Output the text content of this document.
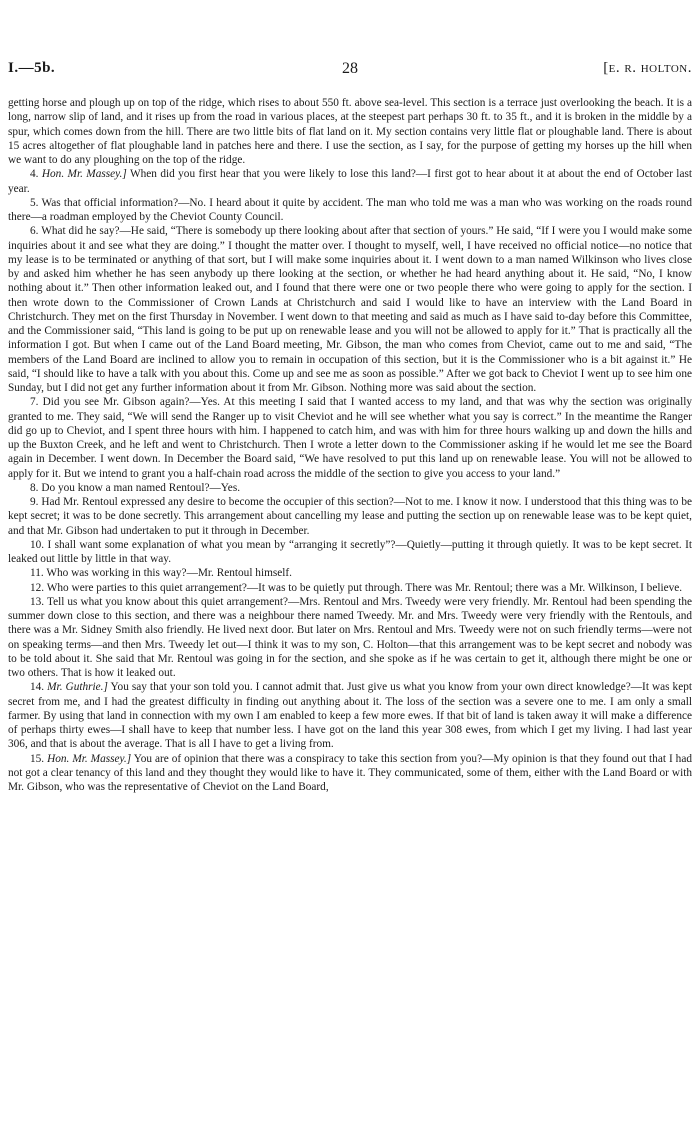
I.—5b.	28	[e. r. holton.

getting horse and plough up on top of the ridge, which rises to about 550 ft. above sea-level. This section is a terrace just overlooking the beach. It is a long, narrow slip of land, and it rises up from the road in various places, at the steepest part perhaps 30 ft. to 35 ft., and it is broken in the middle by a spur, which comes down from the hill. There are two little bits of flat land on it. My section contains very little flat or ploughable land. There is about 15 acres altogether of flat ploughable land in patches here and there. I use the section, as I say, for the purpose of getting my horses up the hill when we want to do any ploughing on the top of the ridge.

4. Hon. Mr. Massey.] When did you first hear that you were likely to lose this land?—I first got to hear about it at about the end of October last year.

5. Was that official information?—No. I heard about it quite by accident. The man who told me was a man who was working on the roads round there—a roadman employed by the Cheviot County Council.

6. What did he say?—He said, “There is somebody up there looking about after that section of yours.” He said, “If I were you I would make some inquiries about it and see what they are doing.” I thought the matter over. I thought to myself, well, I have received no official notice—no notice that my lease is to be terminated or anything of that sort, but I will make some inquiries about it. I went down to a man named Wilkinson who lives close by and asked him whether he has seen anybody up there looking at the section, or whether he had heard anything about it. He said, “No, I know nothing about it.” Then other information leaked out, and I found that there were one or two people there who were going to apply for the section. I then wrote down to the Commissioner of Crown Lands at Christchurch and said I would like to have an interview with the Land Board in Christchurch. They met on the first Thursday in November. I went down to that meeting and said as much as I have said to-day before this Committee, and the Commissioner said, “This land is going to be put up on renewable lease and you will not be allowed to apply for it.” That is practically all the information I got. But when I came out of the Land Board meeting, Mr. Gibson, the man who comes from Cheviot, came out to me and said, “The members of the Land Board are inclined to allow you to remain in occupation of this section, but it is the Commissioner who is a bit against it.” He said, “I should like to have a talk with you about this. Come up and see me as soon as possible.” After we got back to Cheviot I went up to see him one Sunday, but I did not get any further information about it from Mr. Gibson. Nothing more was said about the section.

7. Did you see Mr. Gibson again?—Yes. At this meeting I said that I wanted access to my land, and that was why the section was originally granted to me. They said, “We will send the Ranger up to visit Cheviot and he will see whether what you say is correct.” In the meantime the Ranger did go up to Cheviot, and I spent three hours with him. I happened to catch him, and was with him for three hours walking up and down the hills and up the Buxton Creek, and he left and went to Christchurch. Then I wrote a letter down to the Commissioner asking if he would let me see the Board again in December. I went down. In December the Board said, “We have resolved to put this land up on renewable lease. You will not be allowed to apply for it. But we intend to grant you a half-chain road across the middle of the section to give you access to your land.”

8. Do you know a man named Rentoul?—Yes.

9. Had Mr. Rentoul expressed any desire to become the occupier of this section?—Not to me. I know it now. I understood that this thing was to be kept secret; it was to be done secretly. This arrangement about cancelling my lease and putting the section up on renewable lease was to be kept quiet, and that Mr. Gibson had undertaken to put it through in December.

10. I shall want some explanation of what you mean by “arranging it secretly”?—Quietly—putting it through quietly. It was to be kept secret. It leaked out little by little in that way.

11. Who was working in this way?—Mr. Rentoul himself.

12. Who were parties to this quiet arrangement?—It was to be quietly put through. There was Mr. Rentoul; there was a Mr. Wilkinson, I believe.

13. Tell us what you know about this quiet arrangement?—Mrs. Rentoul and Mrs. Tweedy were very friendly. Mr. Rentoul had been spending the summer down close to this section, and there was a neighbour there named Tweedy. Mr. and Mrs. Tweedy were very friendly with the Rentouls, and there was a Mr. Sidney Smith also friendly. He lived next door. But later on Mrs. Rentoul and Mrs. Tweedy were not on such friendly terms—were not on speaking terms—and then Mrs. Tweedy let out—I think it was to my son, C. Holton—that this arrangement was to be kept secret and nobody was to be told about it. She said that Mr. Rentoul was going in for the section, and she spoke as if he was certain to get it, although there might be one or two others. That is how it leaked out.

14. Mr. Guthrie.] You say that your son told you. I cannot admit that. Just give us what you know from your own direct knowledge?—It was kept secret from me, and I had the greatest difficulty in finding out anything about it. The loss of the section was a severe one to me. I am only a small farmer. By using that land in connection with my own I am enabled to keep a few more ewes. If that bit of land is taken away it will make a difference of perhaps thirty ewes—I shall have to keep that number less. I have got on the land this year 308 ewes, from which I get my living. I had last year 306, and that is about the average. That is all I have to get a living from.

15. Hon. Mr. Massey.] You are of opinion that there was a conspiracy to take this section from you?—My opinion is that they found out that I had not got a clear tenancy of this land and they thought they would like to have it. They communicated, some of them, either with the Land Board or with Mr. Gibson, who was the representative of Cheviot on the Land Board,
